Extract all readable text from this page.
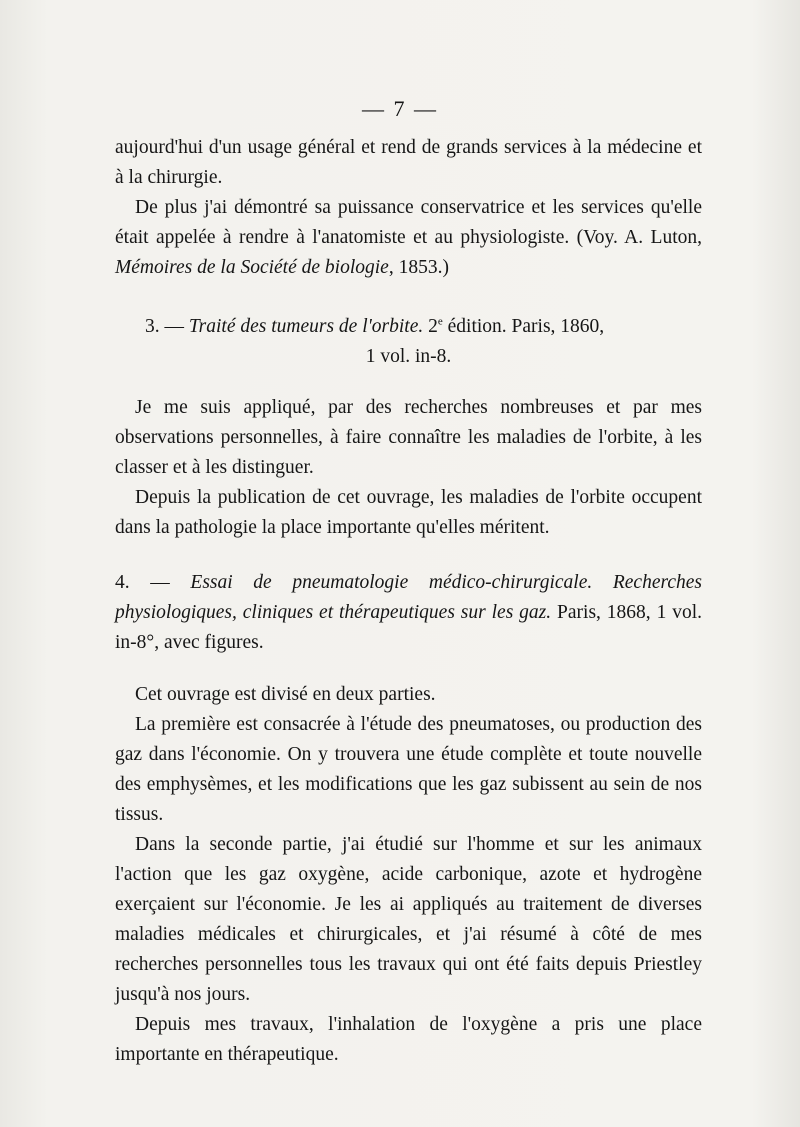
— 7 —

aujourd'hui d'un usage général et rend de grands services à la médecine et à la chirurgie.

De plus j'ai démontré sa puissance conservatrice et les services qu'elle était appelée à rendre à l'anatomiste et au physiologiste. (Voy. A. Luton, Mémoires de la Société de biologie, 1853.)

3. — Traité des tumeurs de l'orbite. 2e édition. Paris, 1860,

1 vol. in-8.

Je me suis appliqué, par des recherches nombreuses et par mes observations personnelles, à faire connaître les maladies de l'orbite, à les classer et à les distinguer.

Depuis la publication de cet ouvrage, les maladies de l'orbite occupent dans la pathologie la place importante qu'elles méritent.

4. — Essai de pneumatologie médico-chirurgicale. Recherches physiologiques, cliniques et thérapeutiques sur les gaz. Paris, 1868, 1 vol. in-8°, avec figures.

Cet ouvrage est divisé en deux parties.

La première est consacrée à l'étude des pneumatoses, ou production des gaz dans l'économie. On y trouvera une étude complète et toute nouvelle des emphysèmes, et les modifications que les gaz subissent au sein de nos tissus.

Dans la seconde partie, j'ai étudié sur l'homme et sur les animaux l'action que les gaz oxygène, acide carbonique, azote et hydrogène exerçaient sur l'économie. Je les ai appliqués au traitement de diverses maladies médicales et chirurgicales, et j'ai résumé à côté de mes recherches personnelles tous les travaux qui ont été faits depuis Priestley jusqu'à nos jours.

Depuis mes travaux, l'inhalation de l'oxygène a pris une place importante en thérapeutique.
